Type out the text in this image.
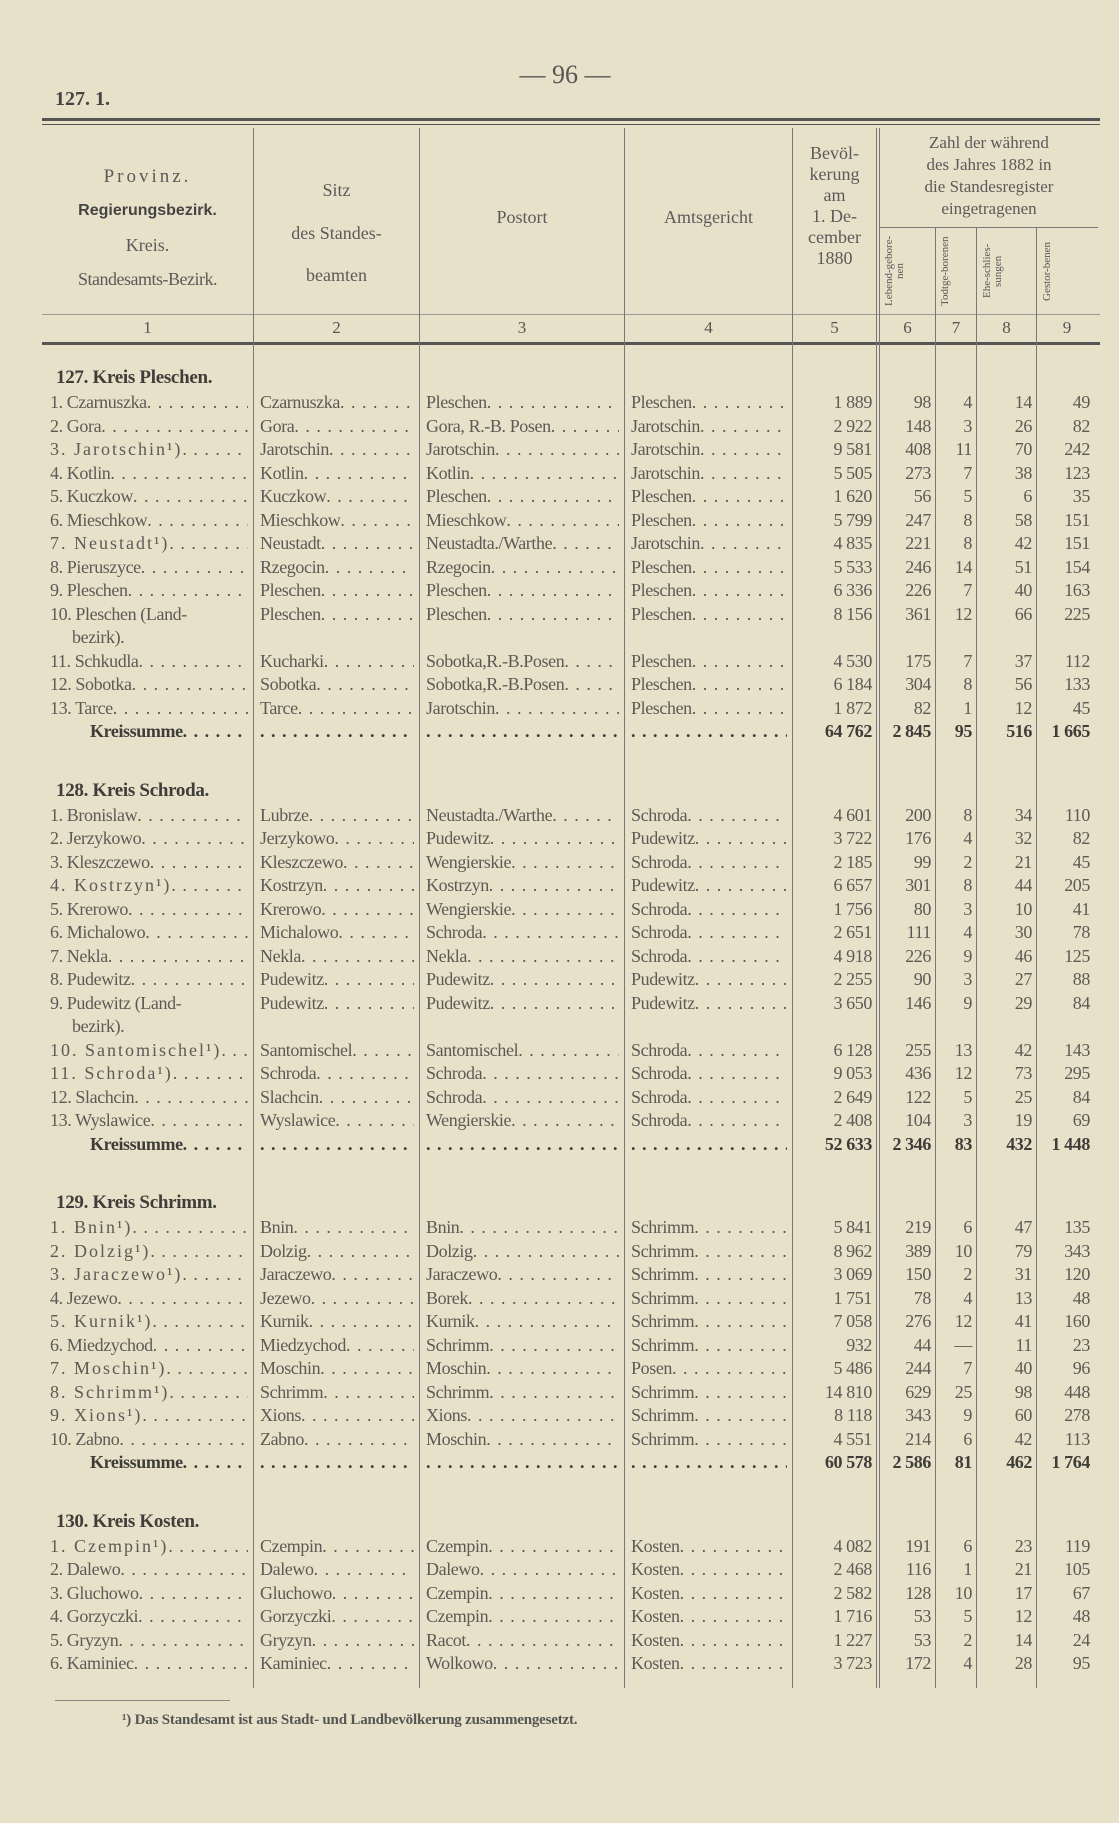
— 96 —
127. 1.
Provinz.
Regierungsbezirk.
Kreis.
Standesamts-Bezirk.
Sitz
des Standes-
beamten
Postort	Amtsgericht
Bevöl-
kerung
am
1. De-
cember
1880
Zahl der während
des Jahres 1882 in
die Standesregister
eingetragenen
Lebend-gebore-nen	Todtge-borenen	Ehe-schlies-sungen	Gestor-benen
1	2	3	4	5	6	7	8	9
127. Kreis Pleschen.
1. Czarnuszka . . .	Czarnuszka . . .	Pleschen . . .	Pleschen . . .	1 889	98	4	14	49
2. Gora . . .	Gora . . .	Gora, R.-B. Posen . . .	Jarotschin . . .	2 922	148	3	26	82
3. Jarotschin¹) . . .	Jarotschin . . .	Jarotschin . . .	Jarotschin . . .	9 581	408	11	70	242
4. Kotlin . . .	Kotlin . . .	Kotlin . . .	Jarotschin . . .	5 505	273	7	38	123
5. Kuczkow . . .	Kuczkow . . .	Pleschen . . .	Pleschen . . .	1 620	56	5	6	35
6. Mieschkow . . .	Mieschkow . . .	Mieschkow . . .	Pleschen . . .	5 799	247	8	58	151
7. Neustadt¹) . . .	Neustadt . . .	Neustadta./Warthe . . .	Jarotschin . . .	4 835	221	8	42	151
8. Pieruszyce . . .	Rzegocin . . .	Rzegocin . . .	Pleschen . . .	5 533	246	14	51	154
9. Pleschen . . .	Pleschen . . .	Pleschen . . .	Pleschen . . .	6 336	226	7	40	163
10. Pleschen (Land-
bezirk).
Pleschen . . .	Pleschen . . .	Pleschen . . .	8 156	361	12	66	225
11. Schkudla . . .	Kucharki . . .	Sobotka,R.-B.Posen . . .	Pleschen . . .	4 530	175	7	37	112
12. Sobotka . . .	Sobotka . . .	Sobotka,R.-B.Posen . . .	Pleschen . . .	6 184	304	8	56	133
13. Tarce . . .	Tarce . . .	Jarotschin . . .	Pleschen . . .	1 872	82	1	12	45
Kreissumme . . . . . . . . . . . .	64 762	2 845	95	516	1 665
128. Kreis Schroda.
1. Bronislaw . . .	Lubrze . . .	Neustadta./Warthe . . .	Schroda . . .	4 601	200	8	34	110
2. Jerzykowo . . .	Jerzykowo . . .	Pudewitz . . .	Pudewitz . . .	3 722	176	4	32	82
3. Kleszczewo . . .	Kleszczewo . . .	Wengierskie . . .	Schroda . . .	2 185	99	2	21	45
4. Kostrzyn¹) . . .	Kostrzyn . . .	Kostrzyn . . .	Pudewitz . . .	6 657	301	8	44	205
5. Krerowo . . .	Krerowo . . .	Wengierskie . . .	Schroda . . .	1 756	80	3	10	41
6. Michalowo . . .	Michalowo . . .	Schroda . . .	Schroda . . .	2 651	111	4	30	78
7. Nekla . . .	Nekla . . .	Nekla . . .	Schroda . . .	4 918	226	9	46	125
8. Pudewitz . . .	Pudewitz . . .	Pudewitz . . .	Pudewitz . . .	2 255	90	3	27	88
9. Pudewitz (Land-
bezirk).
Pudewitz . . .	Pudewitz . . .	Pudewitz . . .	3 650	146	9	29	84
10. Santomischel¹) . . . Santomischel . . .	Santomischel . . .	Schroda . . .	6 128	255	13	42	143
11. Schroda¹) . . .	Schroda . . .	Schroda . . .	Schroda . . .	9 053	436	12	73	295
12. Slachcin . . .	Slachcin . . .	Schroda . . .	Schroda . . .	2 649	122	5	25	84
13. Wyslawice . . .	Wyslawice . . .	Wengierskie . . .	Schroda . . .	2 408	104	3	19	69
Kreissumme . . . . . . . . . . . .	52 633	2 346	83	432	1 448
129. Kreis Schrimm.
1. Bnin¹) . . .	Bnin . . .	Bnin . . .	Schrimm . . .	5 841	219	6	47	135
2. Dolzig¹) . . .	Dolzig . . .	Dolzig . . .	Schrimm . . .	8 962	389	10	79	343
3. Jaraczewo¹) . . .	Jaraczewo . . .	Jaraczewo . . .	Schrimm . . .	3 069	150	2	31	120
4. Jezewo . . .	Jezewo . . .	Borek . . .	Schrimm . . .	1 751	78	4	13	48
5. Kurnik¹) . . .	Kurnik . . .	Kurnik . . .	Schrimm . . .	7 058	276	12	41	160
6. Miedzychod . . .	Miedzychod . . .	Schrimm . . .	Schrimm . . .	932	44	—	11	23
7. Moschin¹) . . .	Moschin . . .	Moschin . . .	Posen . . .	5 486	244	7	40	96
8. Schrimm¹) . . .	Schrimm . . .	Schrimm . . .	Schrimm . . .	14 810	629	25	98	448
9. Xions¹) . . .	Xions . . .	Xions . . .	Schrimm . . .	8 118	343	9	60	278
10. Zabno . . .	Zabno . . .	Moschin . . .	Schrimm . . .	4 551	214	6	42	113
Kreissumme . . . . . . . . . . . .	60 578	2 586	81	462	1 764
130. Kreis Kosten.
1. Czempin¹) . . .	Czempin . . .	Czempin . . .	Kosten . . .	4 082	191	6	23	119
2. Dalewo . . .	Dalewo . . .	Dalewo . . .	Kosten . . .	2 468	116	1	21	105
3. Gluchowo . . .	Gluchowo . . .	Czempin . . .	Kosten . . .	2 582	128	10	17	67
4. Gorzyczki . . .	Gorzyczki . . .	Czempin . . .	Kosten . . .	1 716	53	5	12	48
5. Gryzyn . . .	Gryzyn . . .	Racot . . .	Kosten . . .	1 227	53	2	14	24
6. Kaminiec . . .	Kaminiec . . .	Wolkowo . . .	Kosten . . .	3 723	172	4	28	95
¹) Das Standesamt ist aus Stadt- und Landbevölkerung zusammengesetzt.
